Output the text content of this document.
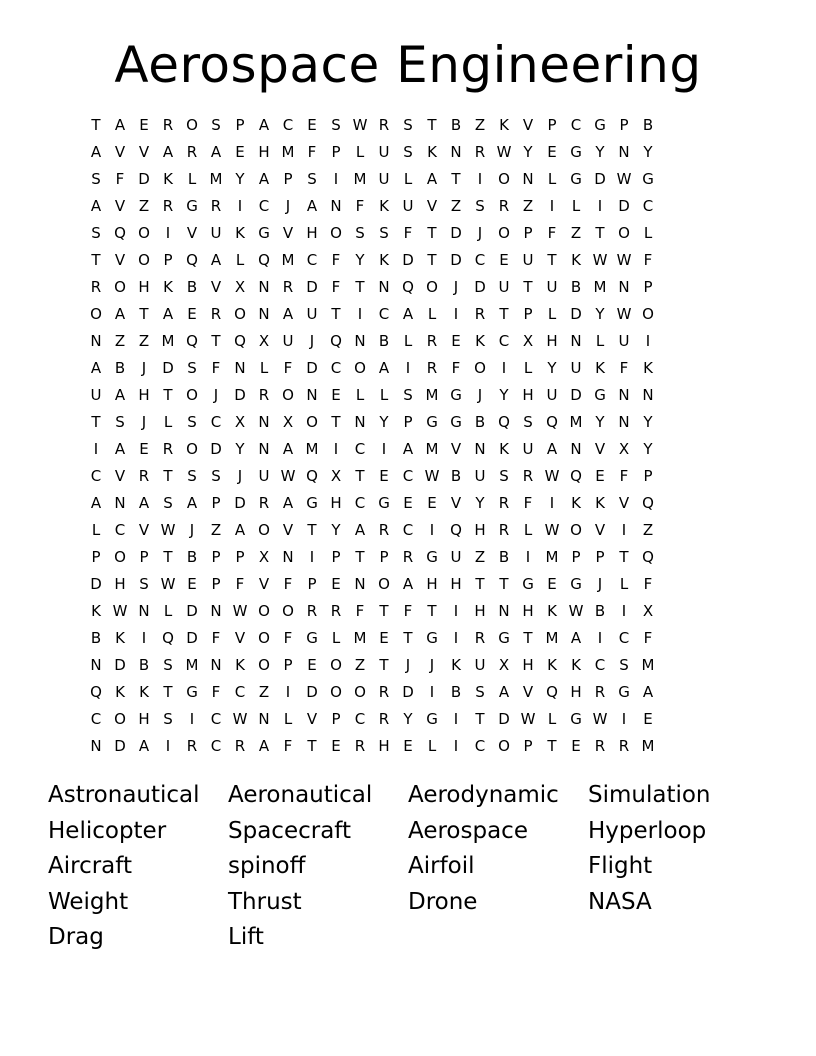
Aerospace Engineering
T A E R O S P A C E S W R S T B Z K V P C G P B
A V V A R A E H M F	P	L U S K N R W Y E G Y N Y
S F D K L M Y A P S	I	M U L A T	I	O N L G D W G
A V Z R G R	I	C	J	A N F K U V Z S R Z	I	L	I	D C
S Q O	I	V U K G V H O S S F	T D	J	O P	F Z T O L
T V O P Q A L Q M C F	Y K D T D C E U T K W W F
R O H K B V X N R D F	T N Q O	J	D U T U B M N P
O A T A E R O N A U T	I	C A L	I	R T P	L D Y W O
N Z Z M Q T Q X U	J	Q N B L R E K C X H N L U	I
A B	J	D S F N L	F D C O A	I	R F O	I	L	Y U K F K
U A H T O	J	D R O N E	L	L	S M G	J	Y H U D G N N
T S	J	L	S C X N X O T N Y P G G B Q S Q M Y N Y
I	A E R O D Y N A M	I	C	I	A M V N K U A N V X Y
C V R T S S	J	U W Q X T E C W B U S R W Q E F	P
A N A S A P D R A G H C G E E V Y R F	I	K K V Q
L C V W J	Z A O V T Y A R C	I	Q H R L W O V	I	Z
P O P T B P P X N	I	P T P R G U Z B	I	M P P T Q
D H S W E P	F V F	P E N O A H H T T G E G	J	L	F
K W N L D N W O O R R F	T	F	T	I	H N H K W B	I	X
B K	I	Q D F V O F G L M E T G	I	R G T M A	I	C F
N D B S M N K O P E O Z T	J	J	K U X H K K C S M
Q K K T G F C Z	I	D O O R D	I	B S A V Q H R G A
C O H S	I	C W N L V P C R Y G	I	T D W L G W I	E
N D A	I	R C R A F	T E R H E	L	I	C O P T E R R M
Astronautical	Aeronautical	Aerodynamic	Simulation
Helicopter	Spacecraft	Aerospace	Hyperloop
Aircraft	spinoff	Airfoil	Flight
Weight	Thrust	Drone	NASA
Drag	Lift
